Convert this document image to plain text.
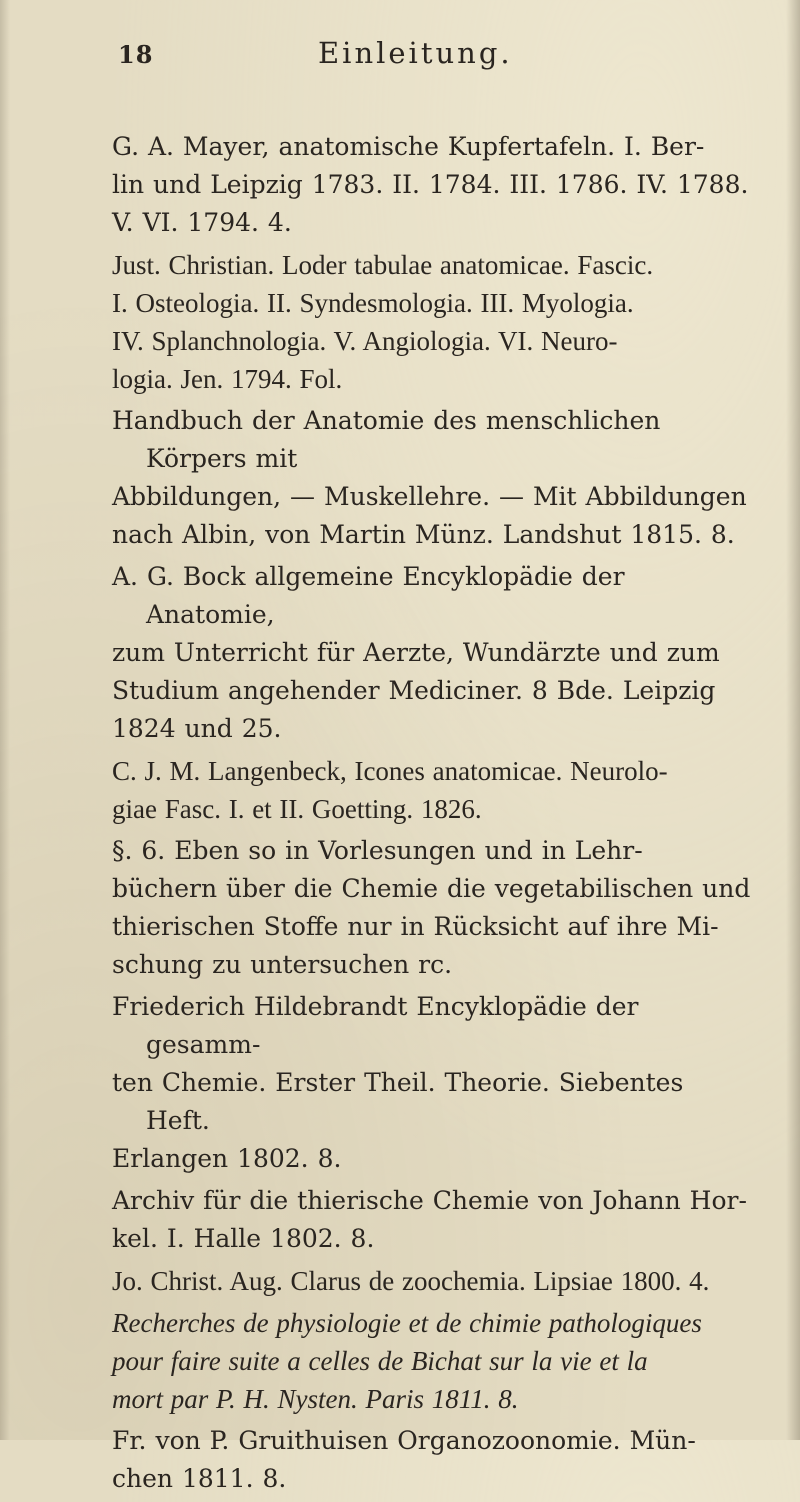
18	Einleitung.
G. A. Mayer, anatomische Kupfertafeln. I. Ber-
lin und Leipzig 1783. II. 1784. III. 1786. IV. 1788.
V. VI. 1794. 4.
Just. Christian. Loder tabulae anatomicae. Fascic.
I. Osteologia. II. Syndesmologia. III. Myologia.
IV. Splanchnologia. V. Angiologia. VI. Neuro-
logia. Jen. 1794. Fol.
Handbuch der Anatomie des menschlichen Körpers mit
Abbildungen, — Muskellehre. — Mit Abbildungen
nach Albin, von Martin Münz. Landshut 1815. 8.
A. G. Bock allgemeine Encyklopädie der Anatomie,
zum Unterricht für Aerzte, Wundärzte und zum
Studium angehender Mediciner. 8 Bde. Leipzig
1824 und 25.
C. J. M. Langenbeck, Icones anatomicae. Neurolo-
giae Fasc. I. et II. Goetting. 1826.
§. 6. Eben so in Vorlesungen und in Lehr-
büchern über die Chemie die vegetabilischen und
thierischen Stoffe nur in Rücksicht auf ihre Mi-
schung zu untersuchen rc.
Friederich Hildebrandt Encyklopädie der gesamm-
ten Chemie. Erster Theil. Theorie. Siebentes Heft.
Erlangen 1802. 8.
Archiv für die thierische Chemie von Johann Hor-
kel. I. Halle 1802. 8.
Jo. Christ. Aug. Clarus de zoochemia. Lipsiae 1800. 4.
Recherches de physiologie et de chimie pathologiques
pour faire suite a celles de Bichat sur la vie et la
mort par P. H. Nysten. Paris 1811. 8.
Fr. von P. Gruithuisen Organozoonomie. Mün-
chen 1811. 8.
